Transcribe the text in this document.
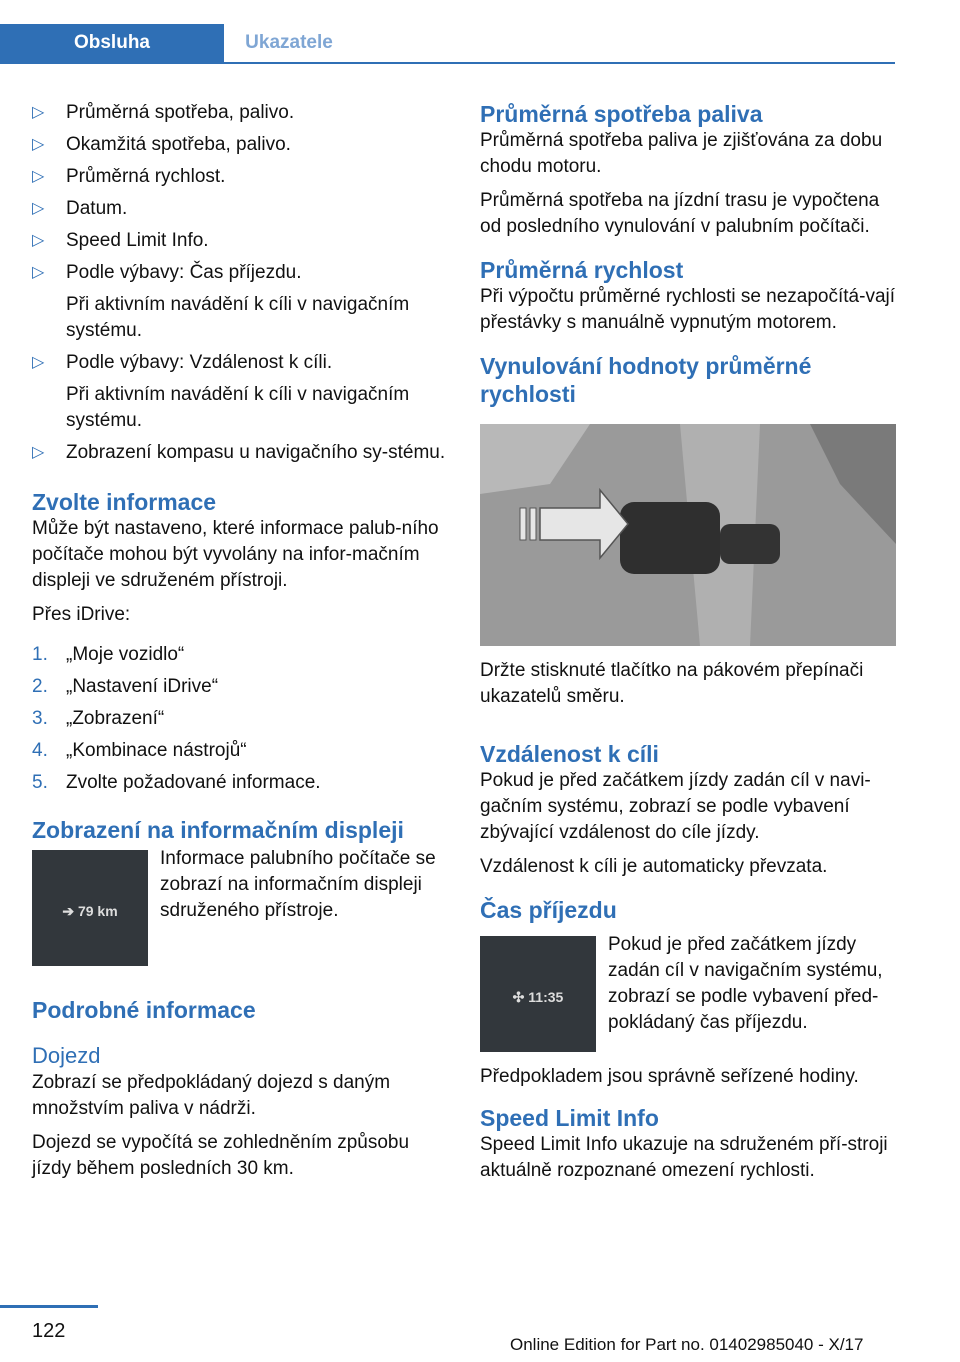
Obsluha	Ukazatele
▷ Průměrná spotřeba, palivo.
▷ Okamžitá spotřeba, palivo.
▷ Průměrná rychlost.
▷ Datum.
▷ Speed Limit Info.
▷ Podle výbavy: Čas příjezdu.
Při aktivním navádění k cíli v navigačním systému.
▷ Podle výbavy: Vzdálenost k cíli.
Při aktivním navádění k cíli v navigačním systému.
▷ Zobrazení kompasu u navigačního sy-stému.
Zvolte informace

Může být nastaveno, které informace palub-ního počítače mohou být vyvolány na infor-mačním displeji ve sdruženém přístroji.

Přes iDrive:

1. „Moje vozidlo“
2. „Nastavení iDrive“
3. „Zobrazení“
4. „Kombinace nástrojů“
5. Zvolte požadované informace.
Zobrazení na informačním displeji
➔ 79 km

Informace palubního počítače se zobrazí na informačním displeji sdruženého přístroje.

Podrobné informace
Dojezd

Zobrazí se předpokládaný dojezd s daným množstvím paliva v nádrži.

Dojezd se vypočítá se zohledněním způsobu jízdy během posledních 30 km.

Průměrná spotřeba paliva

Průměrná spotřeba paliva je zjišťována za dobu chodu motoru.

Průměrná spotřeba na jízdní trasu je vypočtena od posledního vynulování v palubním počítači.

Průměrná rychlost

Při výpočtu průměrné rychlosti se nezapočítá-vají přestávky s manuálně vypnutým motorem.

Vynulování hodnoty průměrné rychlosti

Držte stisknuté tlačítko na pákovém přepínači ukazatelů směru.

Vzdálenost k cíli

Pokud je před začátkem jízdy zadán cíl v navi-gačním systému, zobrazí se podle vybavení zbývající vzdálenost do cíle jízdy.

Vzdálenost k cíli je automaticky převzata.

Čas příjezdu
✣ 11:35

Pokud je před začátkem jízdy zadán cíl v navigačním systému, zobrazí se podle vybavení před-pokládaný čas příjezdu.

Předpokladem jsou správně seřízené hodiny.

Speed Limit Info

Speed Limit Info ukazuje na sdruženém pří-stroji aktuálně rozpoznané omezení rychlosti.

122
Online Edition for Part no. 01402985040 - X/17
